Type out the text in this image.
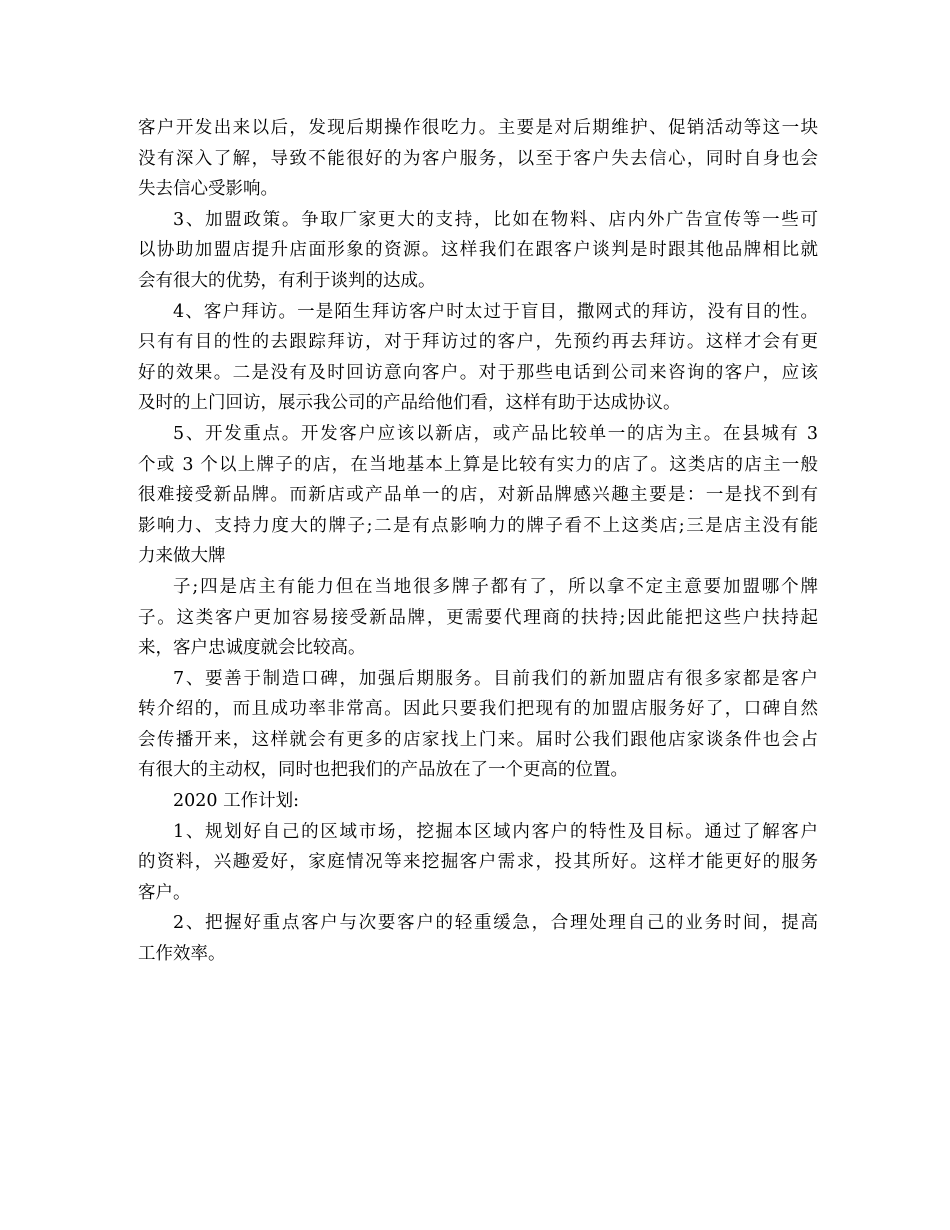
客户开发出来以后，发现后期操作很吃力。主要是对后期维护、促销活动等这一块
没有深入了解，导致不能很好的为客户服务，以至于客户失去信心，同时自身也会
失去信心受影响。

3、加盟政策。争取厂家更大的支持，比如在物料、店内外广告宣传等一些可
以协助加盟店提升店面形象的资源。这样我们在跟客户谈判是时跟其他品牌相比就
会有很大的优势，有利于谈判的达成。

4、客户拜访。一是陌生拜访客户时太过于盲目，撒网式的拜访，没有目的性。
只有有目的性的去跟踪拜访，对于拜访过的客户，先预约再去拜访。这样才会有更
好的效果。二是没有及时回访意向客户。对于那些电话到公司来咨询的客户，应该
及时的上门回访，展示我公司的产品给他们看，这样有助于达成协议。

5、开发重点。开发客户应该以新店，或产品比较单一的店为主。在县城有 3
个或 3 个以上牌子的店，在当地基本上算是比较有实力的店了。这类店的店主一般
很难接受新品牌。而新店或产品单一的店，对新品牌感兴趣主要是：一是找不到有
影响力、支持力度大的牌子;二是有点影响力的牌子看不上这类店;三是店主没有能
力来做大牌

子;四是店主有能力但在当地很多牌子都有了，所以拿不定主意要加盟哪个牌
子。这类客户更加容易接受新品牌，更需要代理商的扶持;因此能把这些户扶持起
来，客户忠诚度就会比较高。

7、要善于制造口碑，加强后期服务。目前我们的新加盟店有很多家都是客户
转介绍的，而且成功率非常高。因此只要我们把现有的加盟店服务好了，口碑自然
会传播开来，这样就会有更多的店家找上门来。届时公我们跟他店家谈条件也会占
有很大的主动权，同时也把我们的产品放在了一个更高的位置。

2020 工作计划:

1、规划好自己的区域市场，挖掘本区域内客户的特性及目标。通过了解客户
的资料，兴趣爱好，家庭情况等来挖掘客户需求，投其所好。这样才能更好的服务
客户。

2、把握好重点客户与次要客户的轻重缓急，合理处理自己的业务时间，提高
工作效率。
